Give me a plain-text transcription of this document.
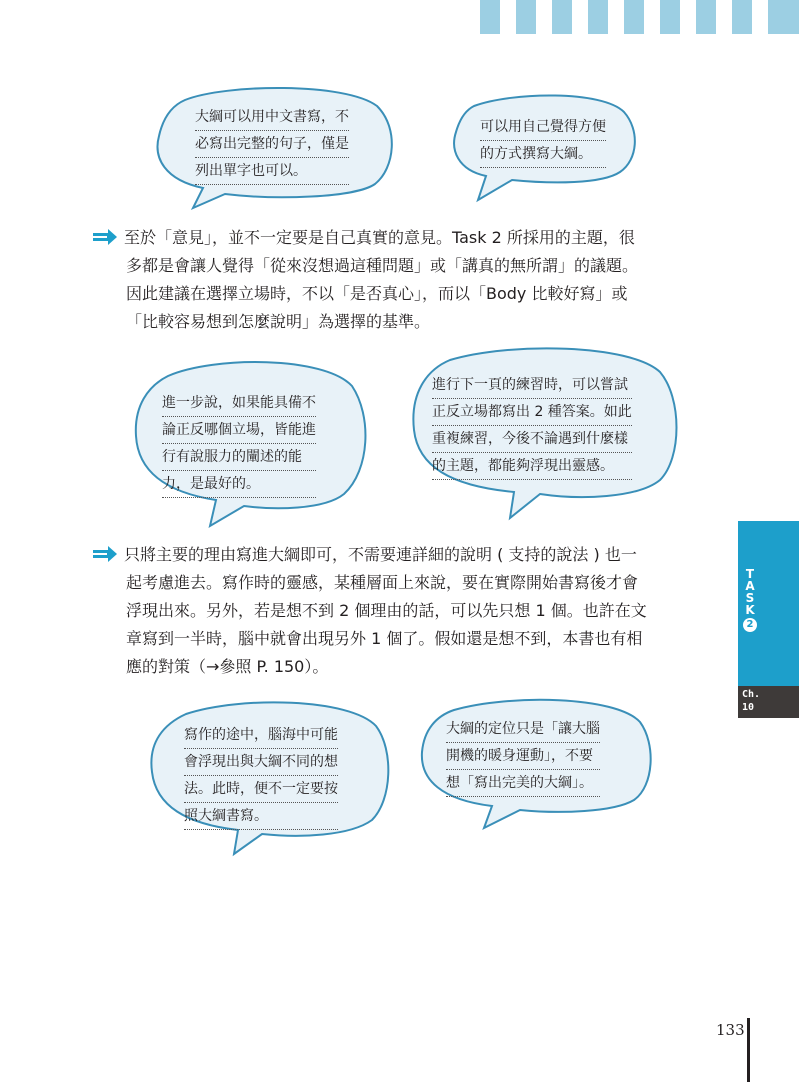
大綱可以用中文書寫，不
必寫出完整的句子，僅是
列出單字也可以。
可以用自己覺得方便
的方式撰寫大綱。
至於「意見」，並不一定要是自己真實的意見。Task 2 所採用的主題，很
多都是會讓人覺得「從來沒想過這種問題」或「講真的無所謂」的議題。
因此建議在選擇立場時，不以「是否真心」，而以「Body 比較好寫」或
「比較容易想到怎麼說明」為選擇的基準。
進一步說，如果能具備不
論正反哪個立場，皆能進
行有說服力的闡述的能
力，是最好的。
進行下一頁的練習時，可以嘗試
正反立場都寫出 2 種答案。如此
重複練習，今後不論遇到什麼樣
的主題，都能夠浮現出靈感。
只將主要的理由寫進大綱即可，不需要連詳細的說明 ( 支持的說法 ) 也一
起考慮進去。寫作時的靈感，某種層面上來說，要在實際開始書寫後才會
浮現出來。另外，若是想不到 2 個理由的話，可以先只想 1 個。也許在文
章寫到一半時，腦中就會出現另外 1 個了。假如還是想不到，本書也有相
應的對策（→參照 P. 150）。
寫作的途中，腦海中可能
會浮現出與大綱不同的想
法。此時，便不一定要按
照大綱書寫。
大綱的定位只是「讓大腦
開機的暖身運動」，不要
想「寫出完美的大綱」。
T
A
S
K
2
Ch.
10
133
